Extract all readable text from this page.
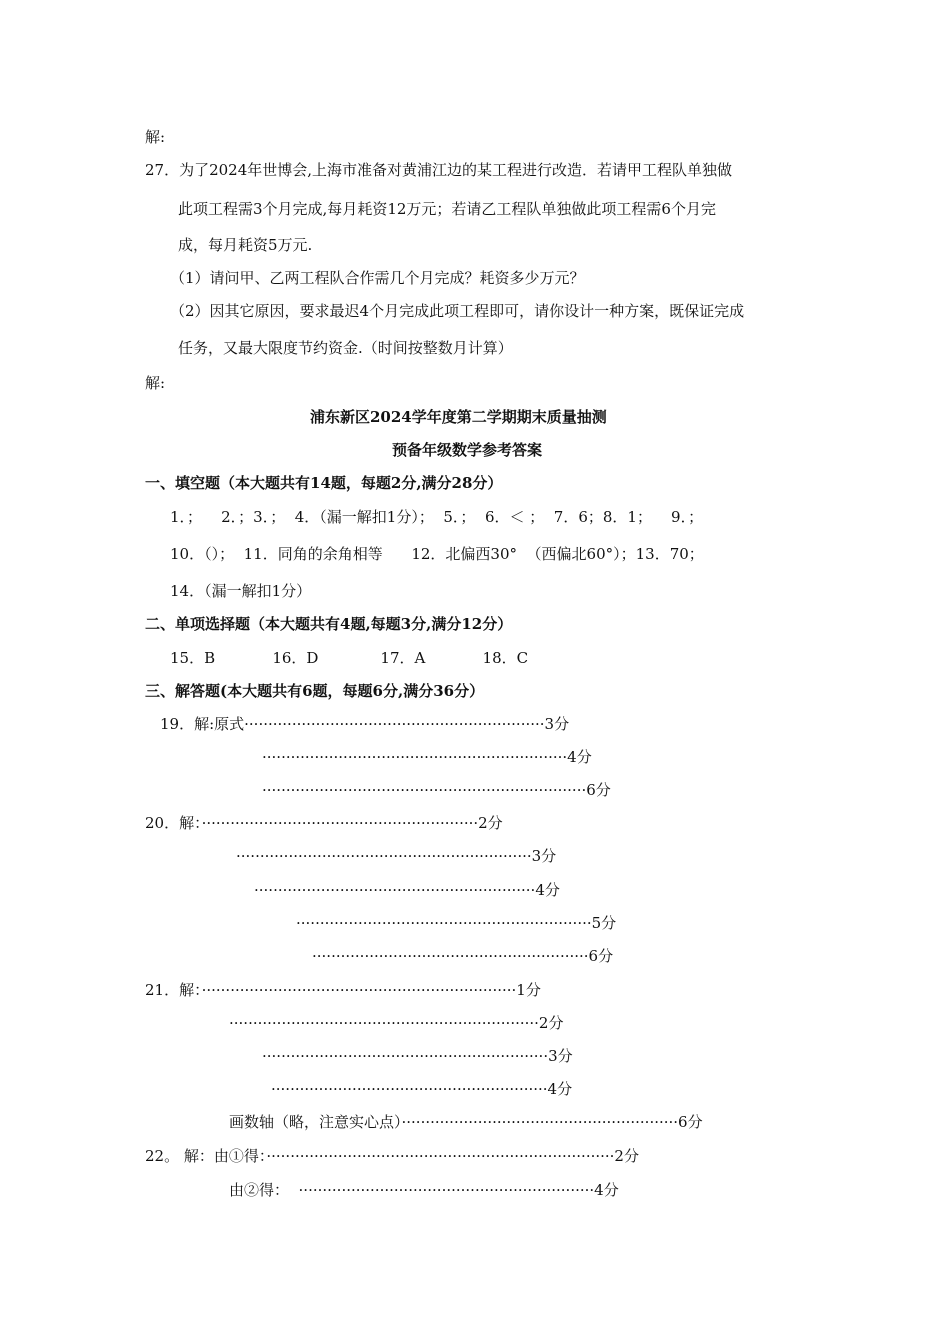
解:
27．为了2024年世博会,上海市准备对黄浦江边的某工程进行改造．若请甲工程队单独做
此项工程需3个月完成,每月耗资12万元；若请乙工程队单独做此项工程需6个月完
成，每月耗资5万元.
（1）请问甲、乙两工程队合作需几个月完成？耗资多少万元？
（2）因其它原因，要求最迟4个月完成此项工程即可，请你设计一种方案，既保证完成
任务，又最大限度节约资金.（时间按整数月计算）
解:
浦东新区2024学年度第二学期期末质量抽测
预备年级数学参考答案
一、填空题（本大题共有14题，每题2分,满分28分）
1．；    2．；3．；  4．（漏一解扣1分）；  5．；  6．＜ ；  7．6；8．1；    9．；
10．（）；  11．同角的余角相等      12．北偏西30°  （西偏北60°）；13．70；
14．（漏一解扣1分）
二、单项选择题（本大题共有4题,每题3分,满分12分）
15．B            16．D             17．A            18．C
三、解答题(本大题共有6题，每题6分,满分36分）
19．解:原式·······························································3分
································································4分
····································································6分
20．解：··························································2分
······························································3分
···························································4分
······························································5分
··························································6分
21．解：··································································1分
·································································2分
····························································3分
··························································4分
画数轴（略，注意实心点）··························································6分
22。 解：由①得：·········································································2分
由②得：  ······························································4分
